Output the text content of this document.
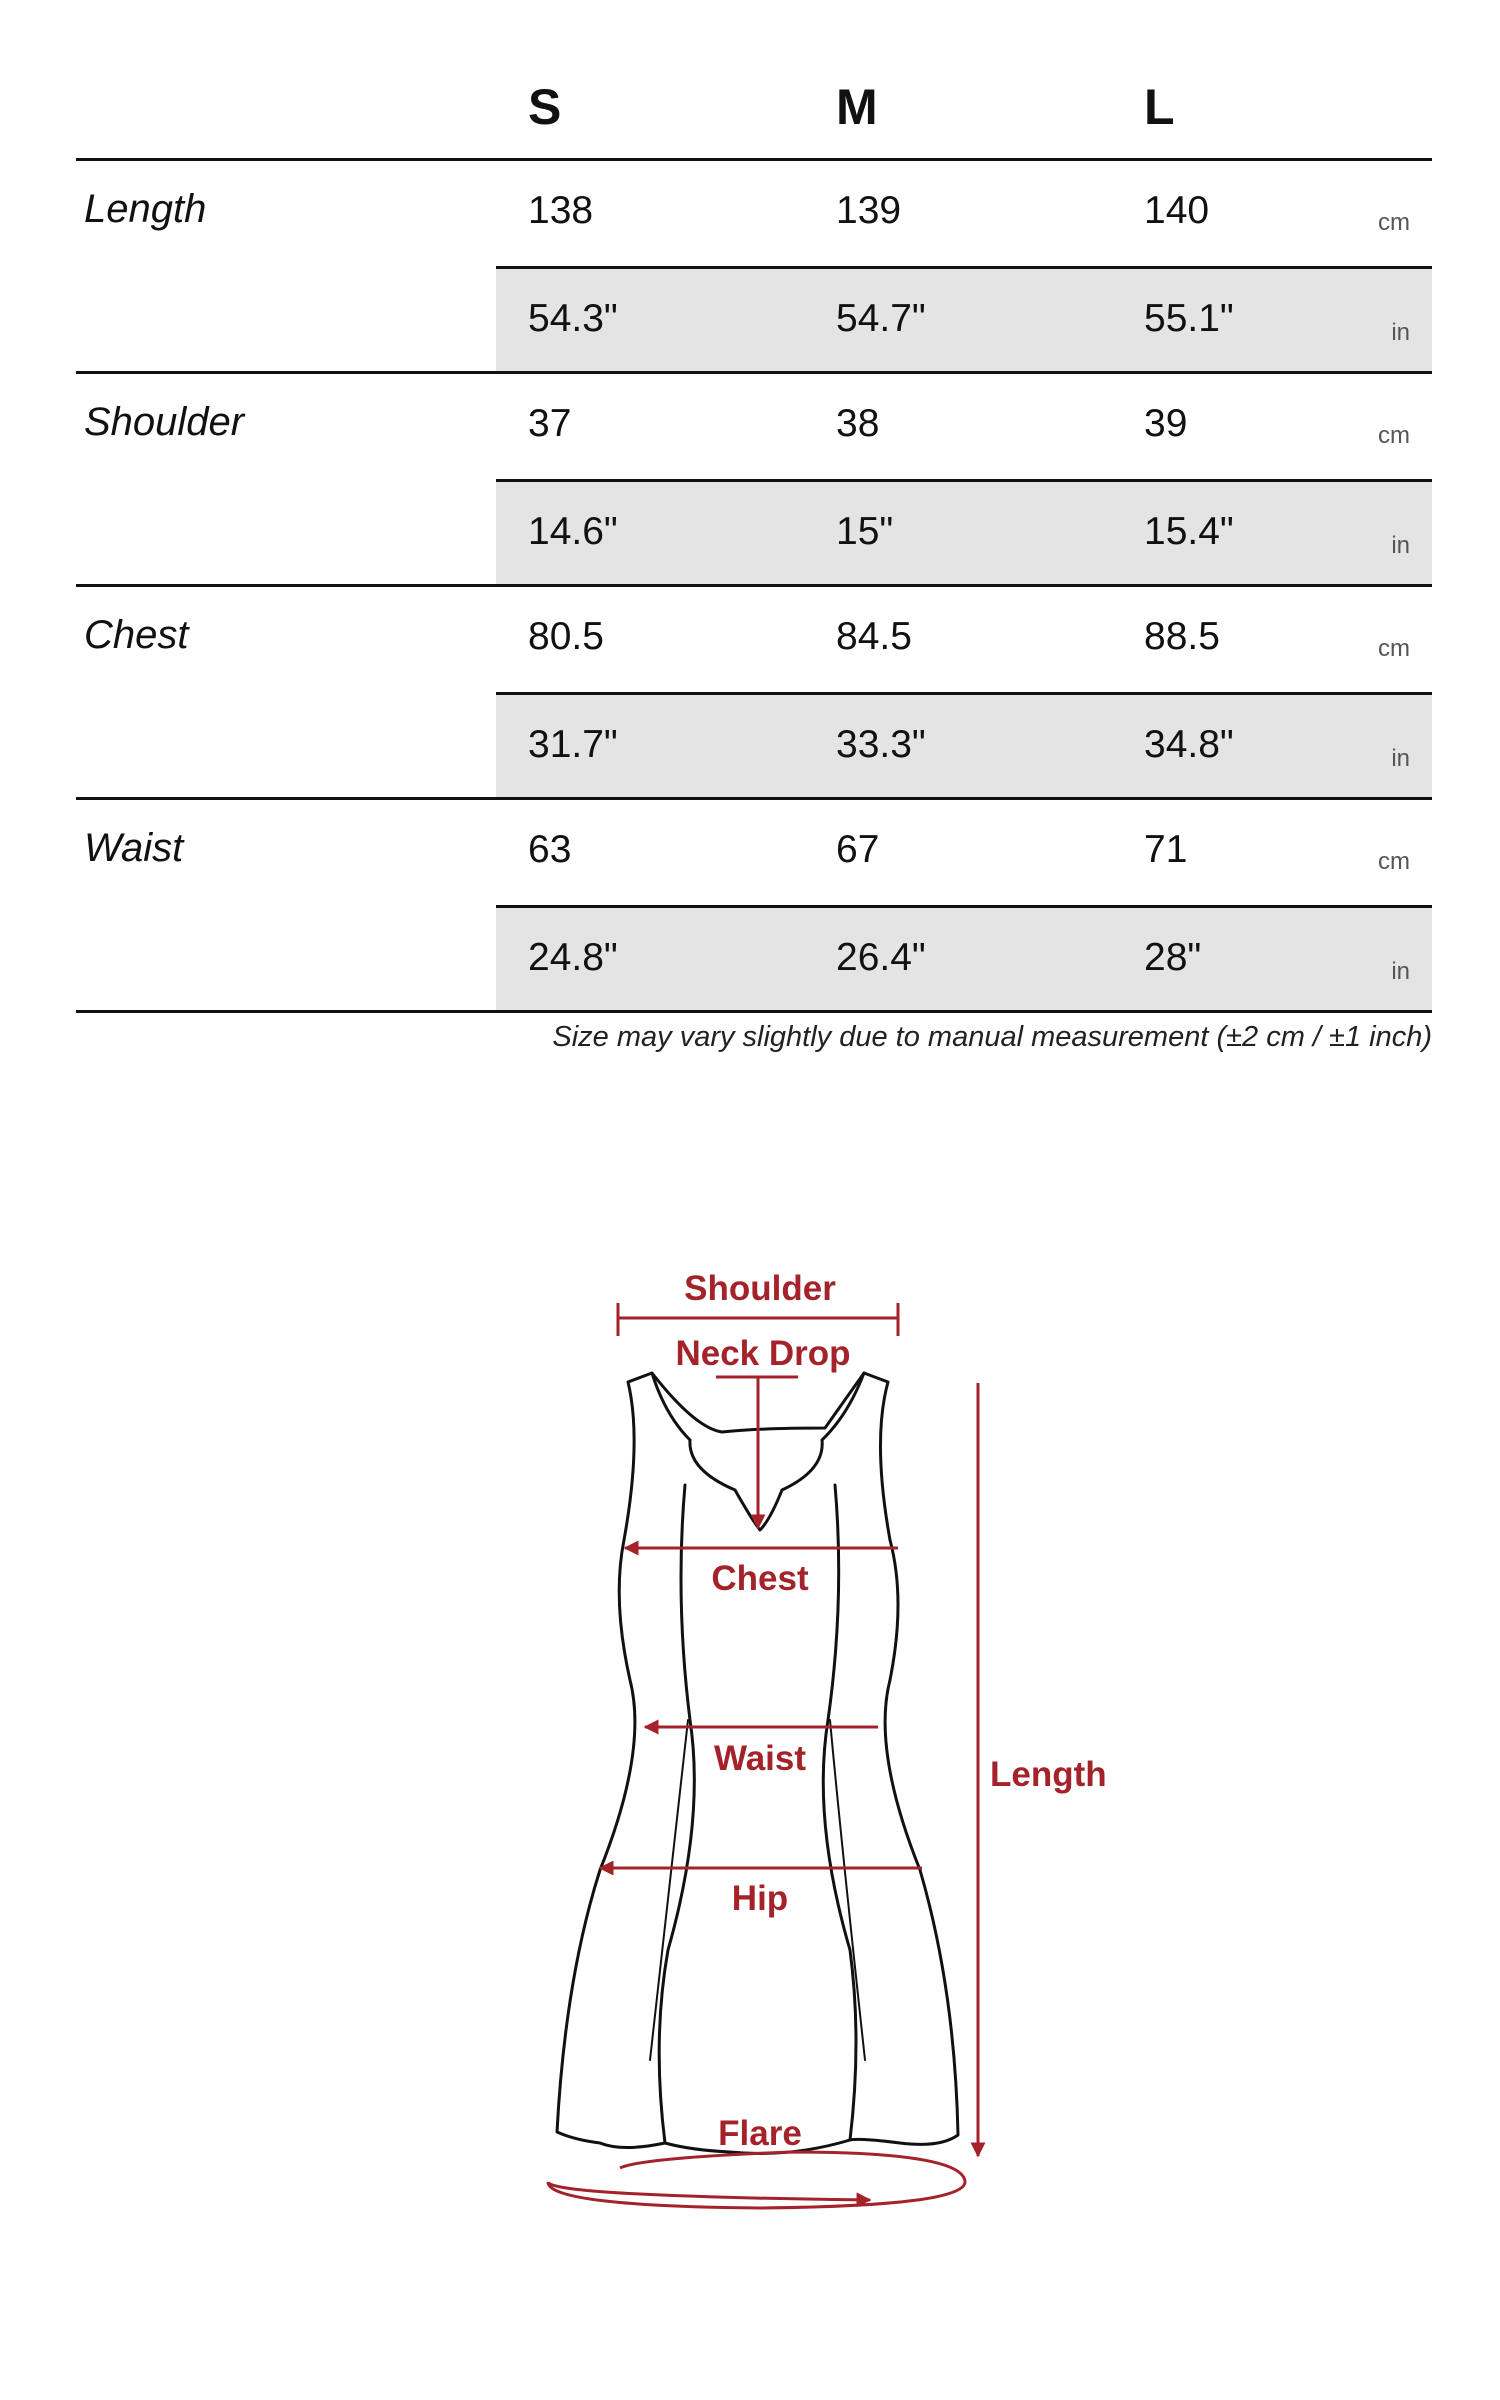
S	M	L
Length	138	139	140	cm
54.3"	54.7"	55.1"	in
Shoulder	37	38	39	cm
14.6"	15"	15.4"	in
Chest	80.5	84.5	88.5	cm
31.7"	33.3"	34.8"	in
Waist	63	67	71	cm
24.8"	26.4"	28"	in
Size may vary slightly due to manual measurement (±2 cm / ±1 inch)
Shoulder
Neck Drop
Chest
Waist	Length
Hip
Flare
